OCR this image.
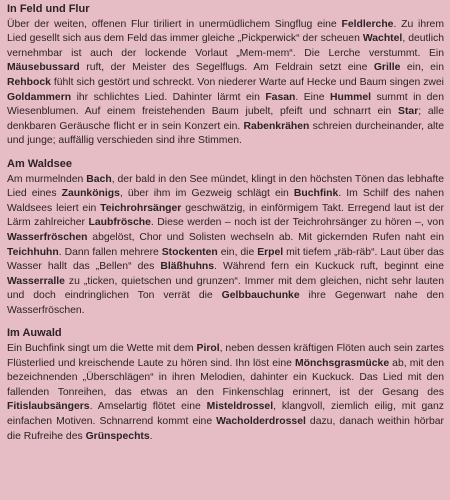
In Feld und Flur

Über der weiten, offenen Flur tiriliert in unermüdlichem Singflug eine Feldlerche. Zu ihrem Lied gesellt sich aus dem Feld das immer gleiche „Pickperwick“ der scheuen Wachtel, deutlich vernehmbar ist auch der lockende Vorlaut „Mem-mem“. Die Lerche verstummt. Ein Mäusebussard ruft, der Meister des Segelflugs. Am Feldrain setzt eine Grille ein, ein Rehbock fühlt sich gestört und schreckt. Von niederer Warte auf Hecke und Baum singen zwei Goldammern ihr schlichtes Lied. Dahinter lärmt ein Fasan. Eine Hummel summt in den Wiesenblumen. Auf einem freistehenden Baum jubelt, pfeift und schnarrt ein Star; alle denkbaren Geräusche flicht er in sein Konzert ein. Rabenkrähen schreien durcheinander, alte und junge; auffällig verschieden sind ihre Stimmen.

Am Waldsee

Am murmelnden Bach, der bald in den See mündet, klingt in den höchsten Tönen das lebhafte Lied eines Zaunkönigs, über ihm im Gezweig schlägt ein Buchfink. Im Schilf des nahen Waldsees leiert ein Teichrohrsänger geschwätzig, in einförmigem Takt. Erregend laut ist der Lärm zahlreicher Laubfrösche. Diese werden – noch ist der Teichrohrsänger zu hören –, von Wasserfröschen abgelöst, Chor und Solisten wechseln ab. Mit gickernden Rufen naht ein Teichhuhn. Dann fallen mehrere Stockenten ein, die Erpel mit tiefem „räb-räb“. Laut über das Wasser hallt das „Bellen“ des Bläßhuhns. Während fern ein Kuckuck ruft, beginnt eine Wasserralle zu „ticken, quietschen und grunzen“. Immer mit dem gleichen, nicht sehr lauten und doch eindringlichen Ton verrät die Gelbbauchunke ihre Gegenwart nahe den Wasserfröschen.

Im Auwald

Ein Buchfink singt um die Wette mit dem Pirol, neben dessen kräftigen Flöten auch sein zartes Flüsterlied und kreischende Laute zu hören sind. Ihn löst eine Mönchsgrasmücke ab, mit den bezeichnenden „Überschlägen“ in ihren Melodien, dahinter ein Kuckuck. Das Lied mit den fallenden Tonreihen, das etwas an den Finkenschlag erinnert, ist der Gesang des Fitislaubsängers. Amselartig flötet eine Misteldrossel, klangvoll, ziemlich eilig, mit ganz einfachen Motiven. Schnarrend kommt eine Wacholderdrossel dazu, danach weithin hörbar die Rufreihe des Grünspechts.
